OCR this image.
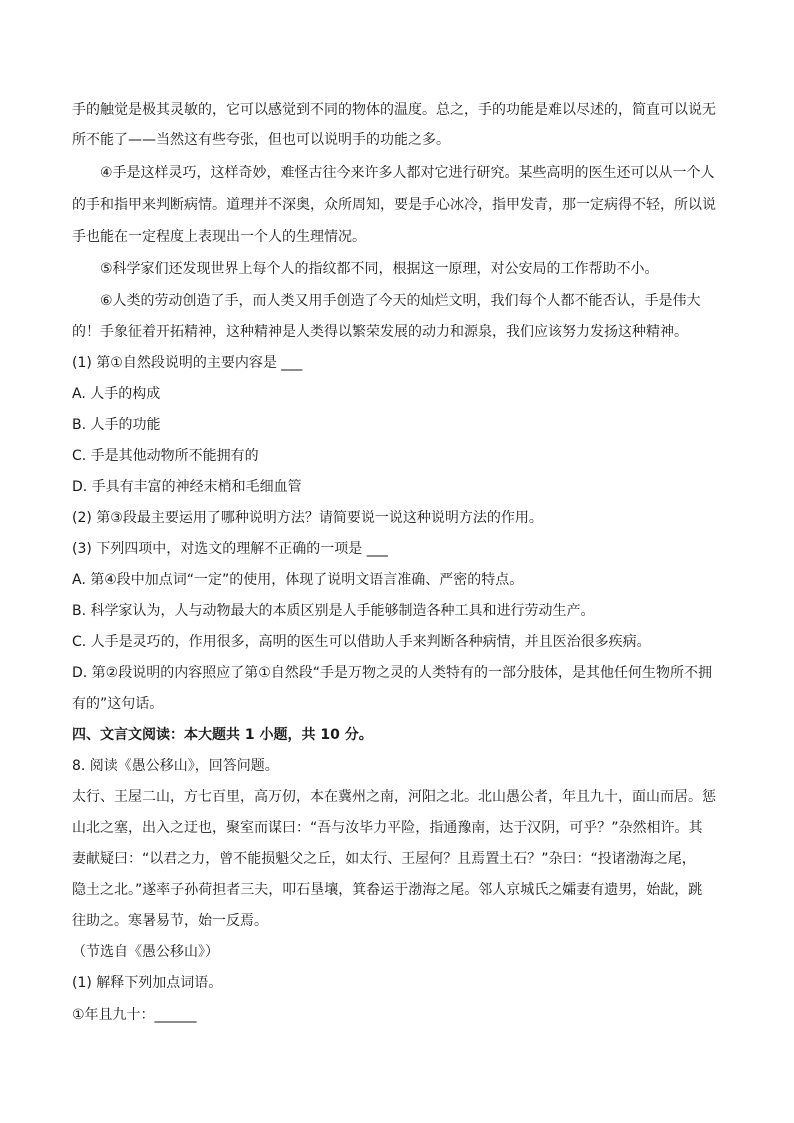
手的触觉是极其灵敏的，它可以感觉到不同的物体的温度。总之，手的功能是难以尽述的，简直可以说无
所不能了——当然这有些夸张，但也可以说明手的功能之多。
④手是这样灵巧，这样奇妙，难怪古往今来许多人都对它进行研究。某些高明的医生还可以从一个人
的手和指甲来判断病情。道理并不深奥，众所周知，要是手心冰冷，指甲发青，那一定病得不轻，所以说
手也能在一定程度上表现出一个人的生理情况。
⑤科学家们还发现世界上每个人的指纹都不同，根据这一原理，对公安局的工作帮助不小。
⑥人类的劳动创造了手，而人类又用手创造了今天的灿烂文明，我们每个人都不能否认，手是伟大
的！手象征着开拓精神，这种精神是人类得以繁荣发展的动力和源泉，我们应该努力发扬这种精神。
(1) 第①自然段说明的主要内容是 ___
A. 人手的构成
B. 人手的功能
C. 手是其他动物所不能拥有的
D. 手具有丰富的神经末梢和毛细血管
(2) 第③段最主要运用了哪种说明方法？请简要说一说这种说明方法的作用。
(3) 下列四项中，对选文的理解不正确的一项是 ___
A. 第④段中加点词“一定”的使用，体现了说明文语言准确、严密的特点。
B. 科学家认为，人与动物最大的本质区别是人手能够制造各种工具和进行劳动生产。
C. 人手是灵巧的，作用很多，高明的医生可以借助人手来判断各种病情，并且医治很多疾病。
D. 第②段说明的内容照应了第①自然段“手是万物之灵的人类特有的一部分肢体，是其他任何生物所不拥
有的”这句话。
四、文言文阅读：本大题共 1 小题，共 10 分。
8. 阅读《愚公移山》，回答问题。
太行、王屋二山，方七百里，高万仞，本在冀州之南，河阳之北。北山愚公者，年且九十，面山而居。惩
山北之塞，出入之迂也，聚室而谋曰：“吾与汝毕力平险，指通豫南，达于汉阴，可乎？”杂然相许。其
妻献疑曰：“以君之力，曾不能损魁父之丘，如太行、王屋何？且焉置土石？”杂曰：“投诸渤海之尾，
隐土之北。”遂率子孙荷担者三夫，叩石垦壤，箕畚运于渤海之尾。邻人京城氏之孀妻有遗男，始龀，跳
往助之。寒暑易节，始一反焉。
（节选自《愚公移山》）
(1) 解释下列加点词语。
①年且九十：______
